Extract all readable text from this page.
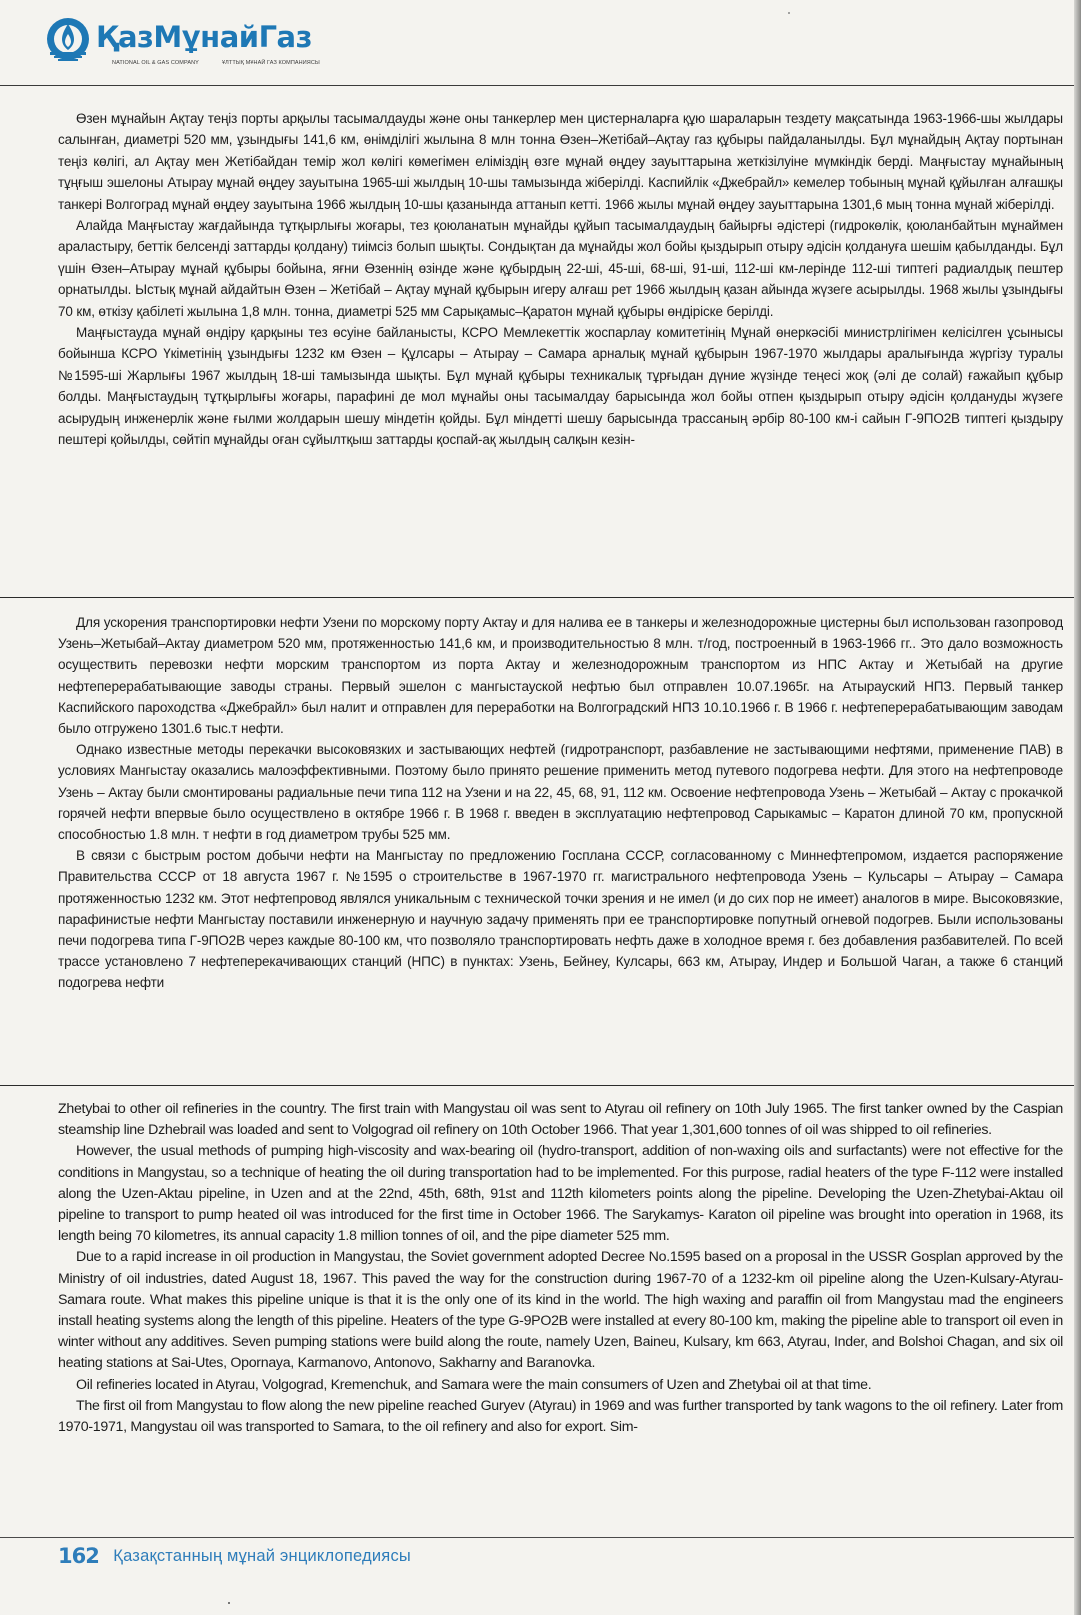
ҚазМұнайГаз
NATIONAL OIL & GAS COMPANY	ҰЛТТЫҚ МҰНАЙ ГАЗ КОМПАНИЯСЫ

Өзен мұнайын Ақтау теңіз порты арқылы тасымалдауды және оны танкерлер мен цистерналарға құю шараларын тездету мақсатында 1963-1966-шы жылдары салынған, диаметрі 520 мм, ұзындығы 141,6 км, өнімділігі жылына 8 млн тонна Өзен–Жетібай–Ақтау газ құбыры пайдаланылды. Бұл мұнайдың Ақтау портынан теңіз көлігі, ал Ақтау мен Жетібайдан темір жол көлігі көмегімен еліміздің өзге мұнай өңдеу зауыттарына жеткізілуіне мүмкіндік берді. Маңғыстау мұнайының тұңғыш эшелоны Атырау мұнай өңдеу зауытына 1965-ші жылдың 10-шы тамызында жіберілді. Каспийлік «Джебрайл» кемелер тобының мұнай құйылған алғашқы танкері Волгоград мұнай өңдеу зауытына 1966 жылдың 10-шы қазанында аттанып кетті. 1966 жылы мұнай өңдеу зауыттарына 1301,6 мың тонна мұнай жіберілді.

Алайда Маңғыстау жағдайында тұтқырлығы жоғары, тез қоюланатын мұнайды құйып тасымалдаудың байырғы әдістері (гидрокөлік, қоюланбайтын мұнаймен араластыру, беттік белсенді заттарды қолдану) тиімсіз болып шықты. Сондықтан да мұнайды жол бойы қыздырып отыру әдісін қолдануға шешім қабылданды. Бұл үшін Өзен–Атырау мұнай құбыры бойына, яғни Өзеннің өзінде және құбырдың 22-ші, 45-ші, 68-ші, 91-ші, 112-ші км-лерінде 112-ші типтегі радиалдық пештер орнатылды. Ыстық мұнай айдайтын Өзен – Жетібай – Ақтау мұнай құбырын игеру алғаш рет 1966 жылдың қазан айында жүзеге асырылды. 1968 жылы ұзындығы 70 км, өткізу қабілеті жылына 1,8 млн. тонна, диаметрі 525 мм Сарықамыс–Қаратон мұнай құбыры өндіріске берілді.

Маңғыстауда мұнай өндіру қарқыны тез өсуіне байланысты, КСРО Мемлекеттік жоспарлау комитетінің Мұнай өнеркәсібі министрлігімен келісілген ұсынысы бойынша КСРО Үкіметінің ұзындығы 1232 км Өзен – Құлсары – Атырау – Самара арналық мұнай құбырын 1967-1970 жылдары аралығында жүргізу туралы №1595-ші Жарлығы 1967 жылдың 18-ші тамызында шықты. Бұл мұнай құбыры техникалық тұрғыдан дүние жүзінде теңесі жоқ (әлі де солай) ғажайып құбыр болды. Маңғыстаудың тұтқырлығы жоғары, парафині де мол мұнайы оны тасымалдау барысында жол бойы отпен қыздырып отыру әдісін қолдануды жүзеге асырудың инженерлік және ғылми жолдарын шешу міндетін қойды. Бұл міндетті шешу барысында трассаның әрбір 80-100 км-і сайын Г-9ПО2В типтегі қыздыру пештері қойылды, сөйтіп мұнайды оған сұйылтқыш заттарды қоспай-ақ жылдың салқын кезін-

Для ускорения транспортировки нефти Узени по морскому порту Актау и для налива ее в танкеры и железнодорожные цистерны был использован газопровод Узень–Жетыбай–Актау диаметром 520 мм, протяженностью 141,6 км, и производительностью 8 млн. т/год, построенный в 1963-1966 гг.. Это дало возможность осуществить перевозки нефти морским транспортом из порта Актау и железнодорожным транспортом из НПС Актау и Жетыбай на другие нефтеперерабатывающие заводы страны. Первый эшелон с мангыстауской нефтью был отправлен 10.07.1965г. на Атырауский НПЗ. Первый танкер Каспийского пароходства «Джебрайл» был налит и отправлен для переработки на Волгоградский НПЗ 10.10.1966 г. В 1966 г. нефтеперерабатывающим заводам было отгружено 1301.6 тыс.т нефти.

Однако известные методы перекачки высоковязких и застывающих нефтей (гидротранспорт, разбавление не застывающими нефтями, применение ПАВ) в условиях Мангыстау оказались малоэффективными. Поэтому было принято решение применить метод путевого подогрева нефти. Для этого на нефтепроводе Узень – Актау были смонтированы радиальные печи типа 112 на Узени и на 22, 45, 68, 91, 112 км. Освоение нефтепровода Узень – Жетыбай – Актау с прокачкой горячей нефти впервые было осуществлено в октябре 1966 г. В 1968 г. введен в эксплуатацию нефтепровод Сарыкамыс – Каратон длиной 70 км, пропускной способностью 1.8 млн. т нефти в год диаметром трубы 525 мм.

В связи с быстрым ростом добычи нефти на Мангыстау по предложению Госплана СССР, согласованному с Миннефтепромом, издается распоряжение Правительства СССР от 18 августа 1967 г. №1595 о строительстве в 1967-1970 гг. магистрального нефтепровода Узень – Кульсары – Атырау – Самара протяженностью 1232 км. Этот нефтепровод являлся уникальным с технической точки зрения и не имел (и до сих пор не имеет) аналогов в мире. Высоковязкие, парафинистые нефти Мангыстау поставили инженерную и научную задачу применять при ее транспортировке попутный огневой подогрев. Были использованы печи подогрева типа Г-9ПО2В через каждые 80-100 км, что позволяло транспортировать нефть даже в холодное время г. без добавления разбавителей. По всей трассе установлено 7 нефтеперекачивающих станций (НПС) в пунктах: Узень, Бейнеу, Кулсары, 663 км, Атырау, Индер и Большой Чаган, а также 6 станций подогрева нефти

Zhetybai to other oil refineries in the country. The first train with Mangystau oil was sent to Atyrau oil refinery on 10th July 1965. The first tanker owned by the Caspian steamship line Dzhebrail was loaded and sent to Volgograd oil refinery on 10th October 1966. That year 1,301,600 tonnes of oil was shipped to oil refineries.

However, the usual methods of pumping high-viscosity and wax-bearing oil (hydro-transport, addition of non-waxing oils and surfactants) were not effective for the conditions in Mangystau, so a technique of heating the oil during transportation had to be implemented. For this purpose, radial heaters of the type F-112 were installed along the Uzen-Aktau pipeline, in Uzen and at the 22nd, 45th, 68th, 91st and 112th kilometers points along the pipeline. Developing the Uzen-Zhetybai-Aktau oil pipeline to transport to pump heated oil was introduced for the first time in October 1966. The Sarykamys- Karaton oil pipeline was brought into operation in 1968, its length being 70 kilometres, its annual capacity 1.8 million tonnes of oil, and the pipe diameter 525 mm.

Due to a rapid increase in oil production in Mangystau, the Soviet government adopted Decree No.1595 based on a proposal in the USSR Gosplan approved by the Ministry of oil industries, dated August 18, 1967. This paved the way for the construction during 1967-70 of a 1232-km oil pipeline along the Uzen-Kulsary-Atyrau-Samara route. What makes this pipeline unique is that it is the only one of its kind in the world. The high waxing and paraffin oil from Mangystau mad the engineers install heating systems along the length of this pipeline. Heaters of the type G-9PO2B were installed at every 80-100 km, making the pipeline able to transport oil even in winter without any additives. Seven pumping stations were build along the route, namely Uzen, Baineu, Kulsary, km 663, Atyrau, Inder, and Bolshoi Chagan, and six oil heating stations at Sai-Utes, Opornaya, Karmanovo, Antonovo, Sakharny and Baranovka.

Oil refineries located in Atyrau, Volgograd, Kremenchuk, and Samara were the main consumers of Uzen and Zhetybai oil at that time.

The first oil from Mangystau to flow along the new pipeline reached Guryev (Atyrau) in 1969 and was further transported by tank wagons to the oil refinery. Later from 1970-1971, Mangystau oil was transported to Samara, to the oil refinery and also for export. Sim-

162 Қазақстанның мұнай энциклопедиясы
